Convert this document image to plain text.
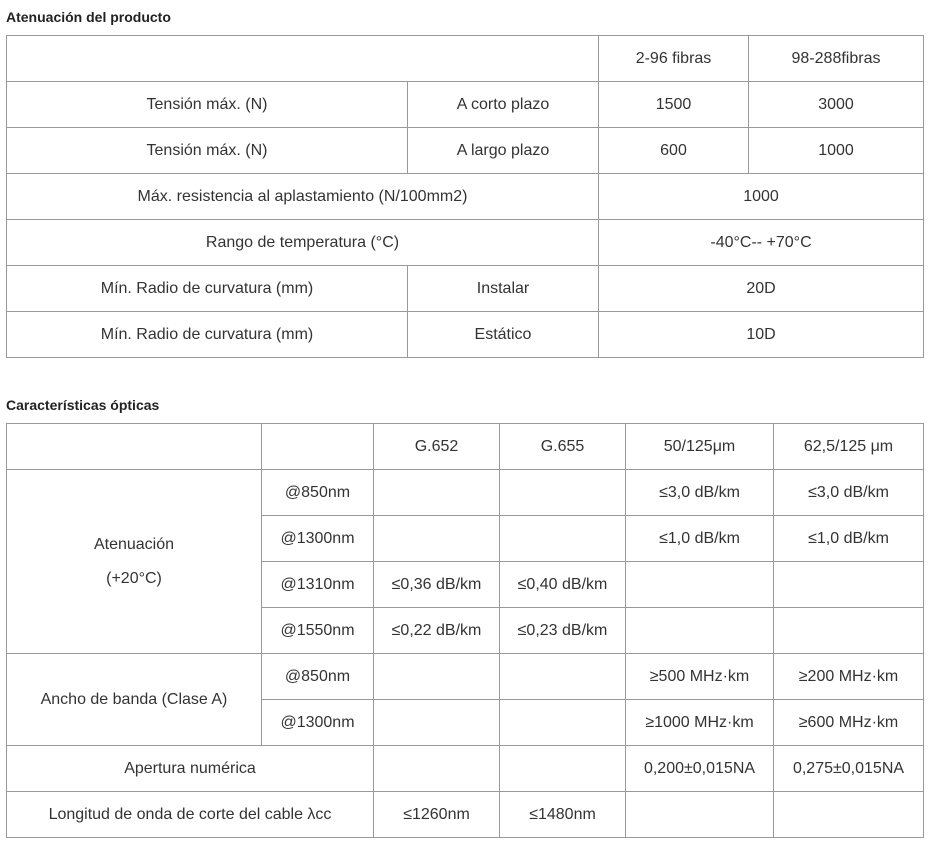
Atenuación del producto
		2-96 fibras	98-288fibras
Tensión máx. (N)	A corto plazo	1500	3000
Tensión máx. (N)	A largo plazo	600	1000
Máx. resistencia al aplastamiento (N/100mm2)		1000	
Rango de temperatura (°C)		-40°C-- +70°C	
Mín. Radio de curvatura (mm)	Instalar	20D	
Mín. Radio de curvatura (mm)	Estático	10D	
Características ópticas
		G.652	G.655	50/125μm	62,5/125 μm

Atenuación
(+20°C)	@850nm			≤3,0 dB/km	≤3,0 dB/km
	@1300nm			≤1,0 dB/km	≤1,0 dB/km
	@1310nm	≤0,36 dB/km	≤0,40 dB/km		
	@1550nm	≤0,22 dB/km	≤0,23 dB/km		
Ancho de banda (Clase A)	@850nm			≥500 MHz·km	≥200 MHz·km
	@1300nm			≥1000 MHz·km	≥600 MHz·km
Apertura numérica				0,200±0,015NA	0,275±0,015NA
Longitud de onda de corte del cable λcc		≤1260nm	≤1480nm		
